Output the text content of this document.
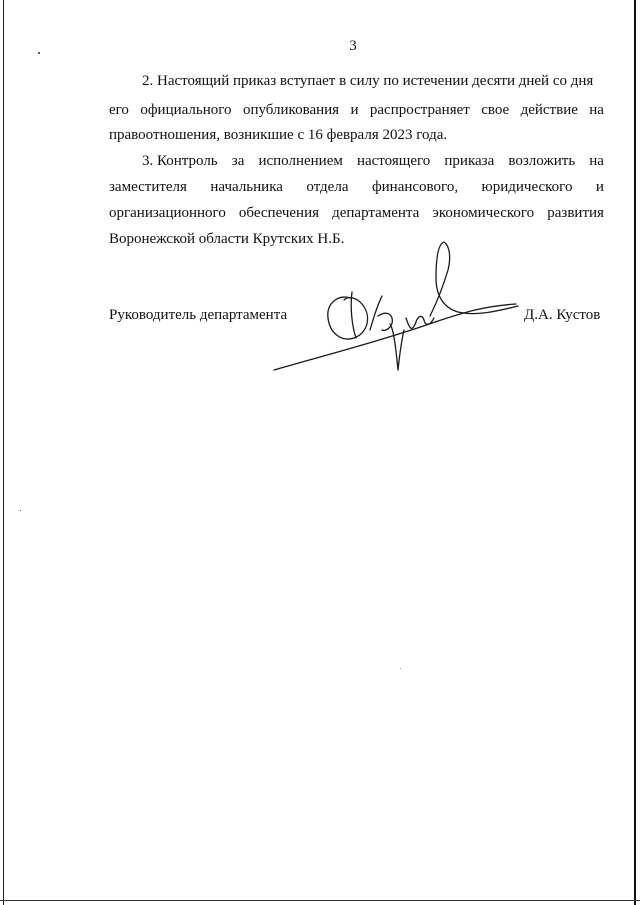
3
2. Настоящий приказ вступает в силу по истечении десяти дней со дня
его официального опубликования и распространяет свое действие на
правоотношения, возникшие с 16 февраля 2023 года.
3. Контроль за исполнением настоящего приказа возложить на
заместителя начальника отдела финансового, юридического и
организационного обеспечения департамента экономического развития
Воронежской области Крутских Н.Б.
Руководитель департамента	Д.А. Кустов
